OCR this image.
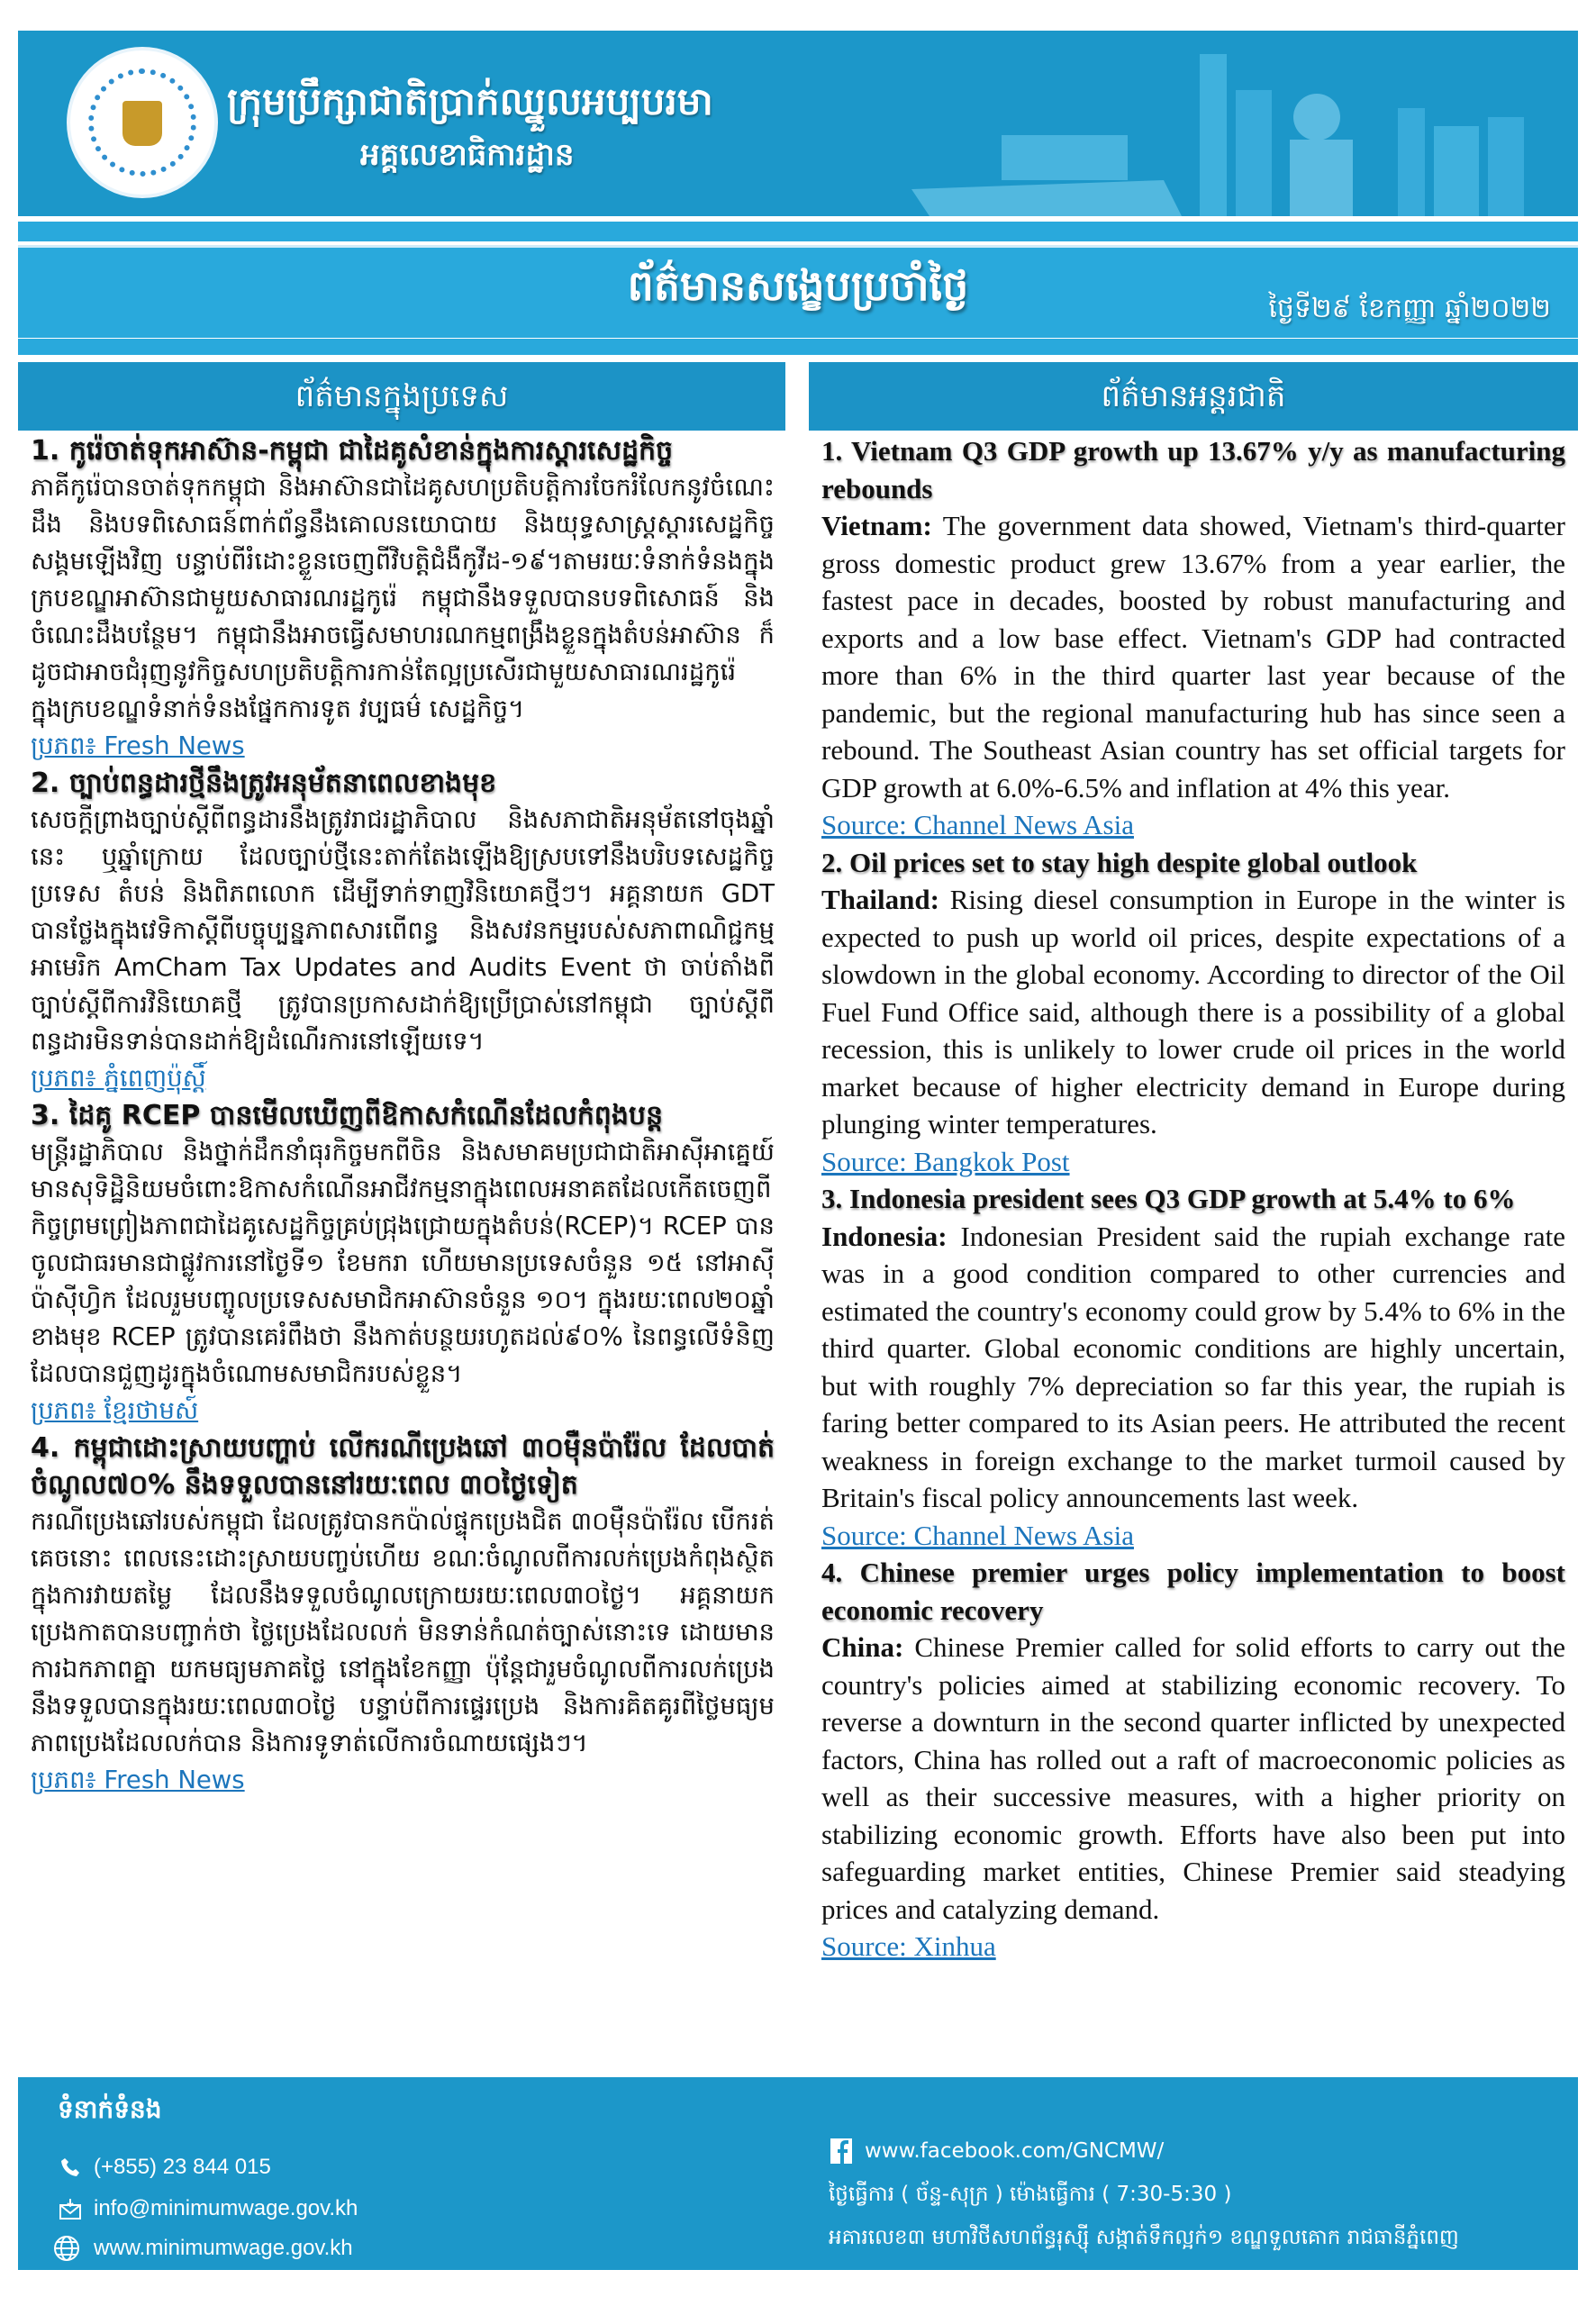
ក្រុមប្រឹក្សាជាតិប្រាក់ឈ្នួលអប្បបរមា
អគ្គលេខាធិការដ្ឋាន
ព័ត៌មានសង្ខេបប្រចាំថ្ងៃ	ថ្ងៃទី២៩ ខែកញ្ញា ឆ្នាំ២០២២
ព័ត៌មានក្នុងប្រទេស	ព័ត៌មានអន្តរជាតិ

1. កូរ៉េចាត់ទុកអាស៊ាន-កម្ពុជា ជាដៃគូសំខាន់ក្នុងការស្តារសេដ្ឋកិច្ច

ភាគីកូរ៉េបានចាត់ទុកកម្ពុជា និងអាស៊ានជាដៃគូសហប្រតិបត្តិការចែករំលែកនូវចំណេះដឹង និងបទពិសោធន៍ពាក់ព័ន្ធនឹងគោលនយោបាយ និងយុទ្ធសាស្ត្រស្តារសេដ្ឋកិច្ច សង្គមឡើងវិញ បន្ទាប់ពីរំដោះខ្លួនចេញពីវិបត្តិជំងឺកូវីដ-១៩។តាមរយៈទំនាក់ទំនងក្នុងក្របខណ្ឌអាស៊ានជាមួយសាធារណរដ្ឋកូរ៉េ កម្ពុជានឹងទទួលបានបទពិសោធន៍ និងចំណេះដឹងបន្ថែម។ កម្ពុជានឹងអាចធ្វើសមាហរណកម្មពង្រឹងខ្លួនក្នុងតំបន់អាស៊ាន ក៏ដូចជាអាចជំរុញនូវកិច្ចសហប្រតិបត្តិការកាន់តែល្អប្រសើរជាមួយសាធារណរដ្ឋកូរ៉េ ក្នុងក្របខណ្ឌទំនាក់ទំនងផ្នែកការទូត វប្បធម៌ សេដ្ឋកិច្ច។

ប្រភព៖ Fresh News

2. ច្បាប់ពន្ធដារថ្មីនឹងត្រូវអនុម័តនាពេលខាងមុខ

សេចក្តីព្រាងច្បាប់ស្តីពីពន្ធដារនឹងត្រូវរាជរដ្ឋាភិបាល និងសភាជាតិអនុម័តនៅចុងឆ្នាំនេះ ឬឆ្នាំក្រោយ ដែលច្បាប់ថ្មីនេះតាក់តែងឡើងឱ្យស្របទៅនឹងបរិបទសេដ្ឋកិច្ចប្រទេស តំបន់ និងពិភពលោក ដើម្បីទាក់ទាញវិនិយោគថ្មីៗ។ អគ្គនាយក GDT បានថ្លែងក្នុងវេទិកាស្តីពីបច្ចុប្បន្នភាពសារពើពន្ធ និងសវនកម្មរបស់សភាពាណិជ្ជកម្មអាមេរិក AmCham Tax Updates and Audits Event ថា ចាប់តាំងពីច្បាប់ស្តីពីការវិនិយោគថ្មី ត្រូវបានប្រកាសដាក់ឱ្យប្រើប្រាស់នៅកម្ពុជា ច្បាប់ស្តីពីពន្ធដារមិនទាន់បានដាក់ឱ្យដំណើរការនៅឡើយទេ។

ប្រភព៖ ភ្នំពេញប៉ុស្តិ៍

3. ដៃគូ RCEP បានមើលឃើញពីឱកាសកំណើនដែលកំពុងបន្ត

មន្ត្រីរដ្ឋាភិបាល និងថ្នាក់ដឹកនាំធុរកិច្ចមកពីចិន និងសមាគមប្រជាជាតិអាស៊ីអាគ្នេយ៍ មានសុទិដ្ឋិនិយមចំពោះឱកាសកំណើនអាជីវកម្មនាក្នុងពេលអនាគតដែលកើតចេញពី កិច្ចព្រមព្រៀងភាពជាដៃគូសេដ្ឋកិច្ចគ្រប់ជ្រុងជ្រោយក្នុងតំបន់(RCEP)។ RCEP បានចូលជាធរមានជាផ្លូវការនៅថ្ងៃទី១ ខែមករា ហើយមានប្រទេសចំនួន ១៥ នៅអាស៊ីប៉ាស៊ីហ្វិក ដែលរួមបញ្ចូលប្រទេសសមាជិកអាស៊ានចំនួន ១០។ ក្នុងរយៈពេល២០ឆ្នាំខាងមុខ RCEP ត្រូវបានគេរំពឹងថា នឹងកាត់បន្ថយរហូតដល់៩០% នៃពន្ធលើទំនិញដែលបានជួញដូរក្នុងចំណោមសមាជិករបស់ខ្លួន។

ប្រភព៖ ខ្មែរថាមស៍

4. កម្ពុជាដោះស្រាយបញ្ហាប់ លើករណីប្រេងឆៅ ៣០ម៉ឺនប៉ារ៉ែល ដែលបាត់ ចំណូល៧០% នឹងទទួលបាននៅរយៈពេល ៣០ថ្ងៃទៀត

ករណីប្រេងឆៅរបស់កម្ពុជា ដែលត្រូវបានកប៉ាល់ផ្ទុកប្រេងជិត ៣០ម៉ឺនប៉ារ៉ែល បើករត់គេចនោះ ពេលនេះដោះស្រាយបញ្ចប់ហើយ ខណៈចំណូលពីការលក់ប្រេងកំពុងស្ថិតក្នុងការវាយតម្លៃ ដែលនឹងទទួលចំណូលក្រោយរយៈពេល៣០ថ្ងៃ។ អគ្គនាយកប្រេងកាតបានបញ្ជាក់ថា ថ្លៃប្រេងដែលលក់ មិនទាន់កំណត់ច្បាស់នោះទេ ដោយមានការឯកភាពគ្នា យកមធ្យមភាគថ្លៃ នៅក្នុងខែកញ្ញា ប៉ុន្តែជារួមចំណូលពីការលក់ប្រេង នឹងទទួលបានក្នុងរយៈពេល៣០ថ្ងៃ បន្ទាប់ពីការផ្ទេរប្រេង និងការគិតគូរពីថ្លៃមធ្យមភាពប្រេងដែលលក់បាន និងការទូទាត់លើការចំណាយផ្សេងៗ។

ប្រភព៖ Fresh News

1. Vietnam Q3 GDP growth up 13.67% y/y as manufacturing rebounds

Vietnam: The government data showed, Vietnam's third-quarter gross domestic product grew 13.67% from a year earlier, the fastest pace in decades, boosted by robust manufacturing and exports and a low base effect. Vietnam's GDP had contracted more than 6% in the third quarter last year because of the pandemic, but the regional manufacturing hub has since seen a rebound. The Southeast Asian country has set official targets for GDP growth at 6.0%-6.5% and inflation at 4% this year.

Source: Channel News Asia

2. Oil prices set to stay high despite global outlook

Thailand: Rising diesel consumption in Europe in the winter is expected to push up world oil prices, despite expectations of a slowdown in the global economy. According to director of the Oil Fuel Fund Office said, although there is a possibility of a global recession, this is unlikely to lower crude oil prices in the world market because of higher electricity demand in Europe during plunging winter temperatures.

Source: Bangkok Post

3. Indonesia president sees Q3 GDP growth at 5.4% to 6%

Indonesia: Indonesian President said the rupiah exchange rate was in a good condition compared to other currencies and estimated the country's economy could grow by 5.4% to 6% in the third quarter. Global economic conditions are highly uncertain, but with roughly 7% depreciation so far this year, the rupiah is faring better compared to its Asian peers. He attributed the recent weakness in foreign exchange to the market turmoil caused by Britain's fiscal policy announcements last week.

Source: Channel News Asia

4. Chinese premier urges policy implementation to boost economic recovery

China: Chinese Premier called for solid efforts to carry out the country's policies aimed at stabilizing economic recovery. To reverse a downturn in the second quarter inflicted by unexpected factors, China has rolled out a raft of macroeconomic policies as well as their successive measures, with a higher priority on stabilizing economic growth. Efforts have also been put into safeguarding market entities, Chinese Premier said steadying prices and catalyzing demand.

Source: Xinhua
ទំនាក់ទំនង
(+855) 23 844 015
info@minimumwage.gov.kh
www.minimumwage.gov.kh
www.facebook.com/GNCMW/
ថ្ងៃធ្វើការ ( ច័ន្ទ-សុក្រ ) ម៉ោងធ្វើការ ( 7:30-5:30 )
អគារលេខ៣ មហាវិថីសហព័ន្ធរុស្ស៊ី សង្កាត់ទឹកល្អក់១ ខណ្ឌទួលគោក រាជធានីភ្នំពេញ
